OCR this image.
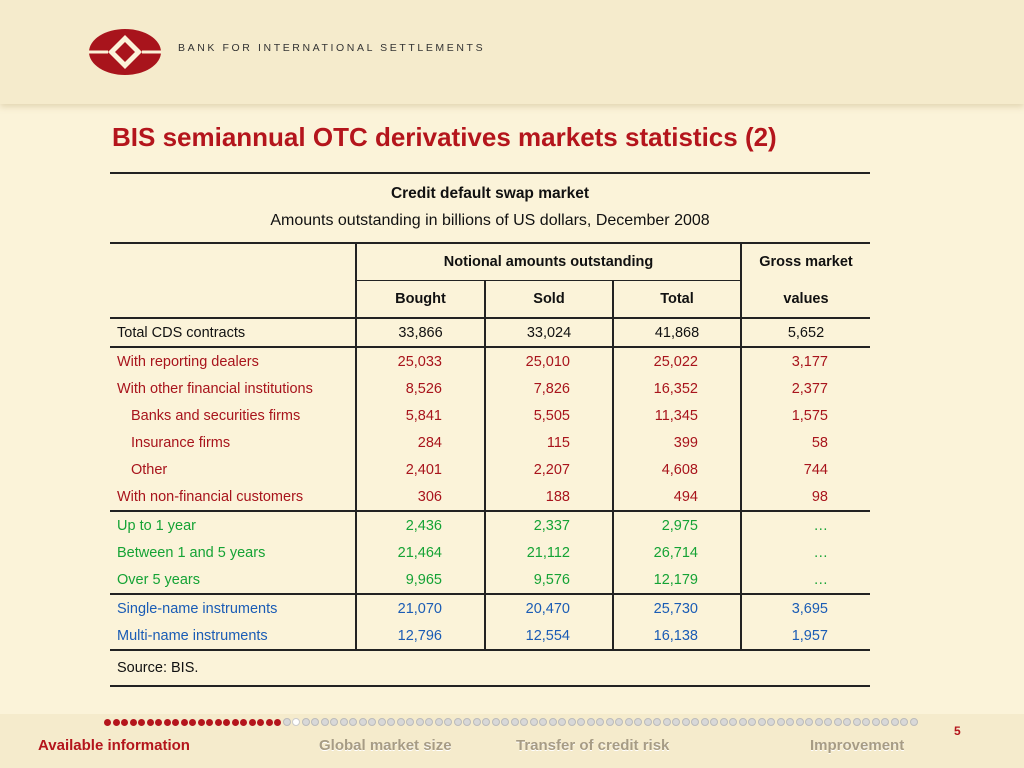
BANK FOR INTERNATIONAL SETTLEMENTS
BIS semiannual OTC derivatives markets statistics (2)
Credit default swap market				
Amounts outstanding in billions of US dollars, December 2008				
	Notional amounts outstanding			Gross market
	Bought	Sold	Total	values
Total CDS contracts	33,866	33,024	41,868	5,652
With reporting dealers	25,033	25,010	25,022	3,177
With other financial institutions	8,526	7,826	16,352	2,377
Banks and securities firms	5,841	5,505	11,345	1,575
Insurance firms	284	115	399	58
Other	2,401	2,207	4,608	744
With non-financial customers	306	188	494	98
Up to 1 year	2,436	2,337	2,975	…
Between 1 and 5 years	21,464	21,112	26,714	…
Over 5 years	9,965	9,576	12,179	…
Single-name instruments	21,070	20,470	25,730	3,695
Multi-name instruments	12,796	12,554	16,138	1,957
Source: BIS.				
5
Available information	Global market size	Transfer of credit risk	Improvement
